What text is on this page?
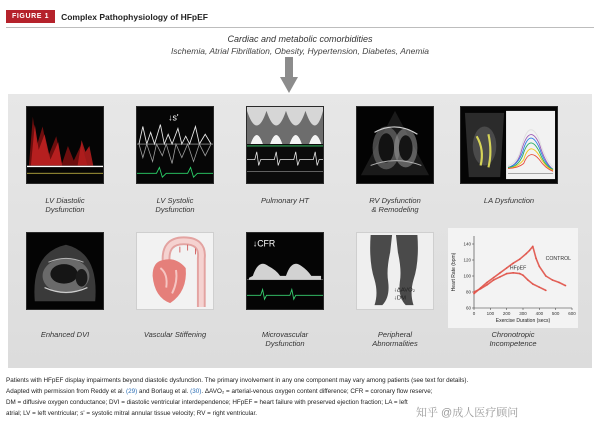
FIGURE 1	Complex Pathophysiology of HFpEF
Cardiac and metabolic comorbidities
Ischemia, Atrial Fibrillation, Obesity, Hypertension, Diabetes, Anemia
LV Diastolic
Dysfunction
↓s'
LV Systolic
Dysfunction
Pulmonary HT	RV Dysfunction
& Remodeling
LA Dysfunction
Enhanced DVI	Vascular Stiffening
↓CFR
Microvascular
Dysfunction
↓ΔAVO₂
↓DM
Peripheral
Abnormalities
0	100 200 300 400 500 600
60
80
100
120
140
Exercise Duration (secs)
Heart Rate (bpm)	CONTROL
HFpEF
Chronotropic
Incompetence
Patients with HFpEF display impairments beyond diastolic dysfunction. The primary involvement in any one component may vary among patients (see text for details).
Adapted with permission from Reddy et al. (29) and Borlaug et al. (30). ΔAVO₂ = arterial-venous oxygen content difference; CFR = coronary flow reserve;
DM = diffusive oxygen conductance; DVI = diastolic ventricular interdependence; HFpEF = heart failure with preserved ejection fraction; LA = left
atrial; LV = left ventricular; s' = systolic mitral annular tissue velocity; RV = right ventricular.	知乎 @成人医疗顾问
